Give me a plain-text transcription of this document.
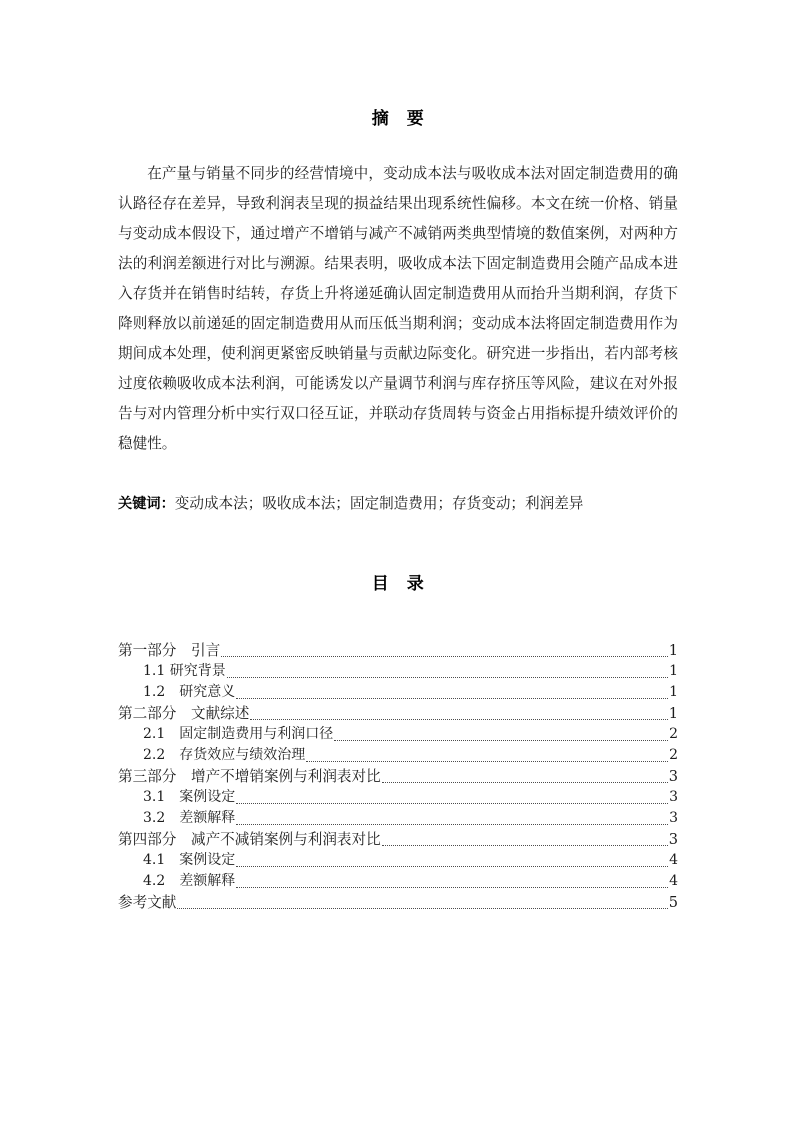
摘　要
在产量与销量不同步的经营情境中，变动成本法与吸收成本法对固定制造费用的确认路径存在差异，导致利润表呈现的损益结果出现系统性偏移。本文在统一价格、销量与变动成本假设下，通过增产不增销与减产不减销两类典型情境的数值案例，对两种方法的利润差额进行对比与溯源。结果表明，吸收成本法下固定制造费用会随产品成本进入存货并在销售时结转，存货上升将递延确认固定制造费用从而抬升当期利润，存货下降则释放以前递延的固定制造费用从而压低当期利润；变动成本法将固定制造费用作为期间成本处理，使利润更紧密反映销量与贡献边际变化。研究进一步指出，若内部考核过度依赖吸收成本法利润，可能诱发以产量调节利润与库存挤压等风险，建议在对外报告与对内管理分析中实行双口径互证，并联动存货周转与资金占用指标提升绩效评价的稳健性。
关键词：变动成本法；吸收成本法；固定制造费用；存货变动；利润差异
目　录
第一部分　引言	1
1.1 研究背景	1
1.2　研究意义	1
第二部分　文献综述	1
2.1　固定制造费用与利润口径	2
2.2　存货效应与绩效治理	2
第三部分　增产不增销案例与利润表对比	3
3.1　案例设定	3
3.2　差额解释	3
第四部分　减产不减销案例与利润表对比	3
4.1　案例设定	4
4.2　差额解释	4
参考文献	5
